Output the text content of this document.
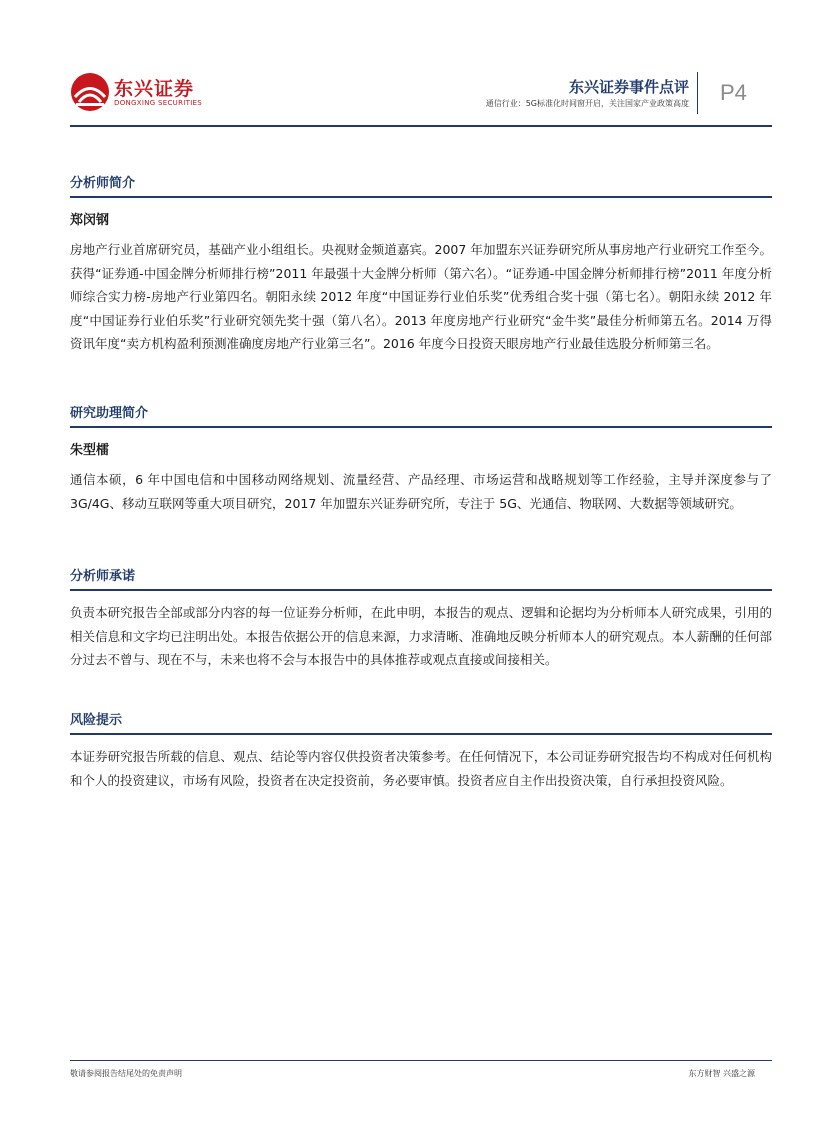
东兴证券
DONGXING SECURITIES
东兴证券事件点评
通信行业：5G标准化时间窗开启，关注国家产业政策高度 P4
分析师简介
郑闵钢
房地产行业首席研究员，基础产业小组组长。央视财金频道嘉宾。2007 年加盟东兴证券研究所从事房地产行业研究工作至今。获得“证券通-中国金牌分析师排行榜”2011 年最强十大金牌分析师（第六名）。“证券通-中国金牌分析师排行榜”2011 年度分析师综合实力榜-房地产行业第四名。朝阳永续 2012 年度“中国证券行业伯乐奖”优秀组合奖十强（第七名）。朝阳永续 2012 年度“中国证券行业伯乐奖”行业研究领先奖十强（第八名）。2013 年度房地产行业研究“金牛奖”最佳分析师第五名。2014 万得资讯年度“卖方机构盈利预测准确度房地产行业第三名”。2016 年度今日投资天眼房地产行业最佳选股分析师第三名。
研究助理简介
朱型檑
通信本硕，6 年中国电信和中国移动网络规划、流量经营、产品经理、市场运营和战略规划等工作经验，主导并深度参与了 3G/4G、移动互联网等重大项目研究，2017 年加盟东兴证券研究所，专注于 5G、光通信、物联网、大数据等领域研究。
分析师承诺
负责本研究报告全部或部分内容的每一位证券分析师，在此申明，本报告的观点、逻辑和论据均为分析师本人研究成果，引用的相关信息和文字均已注明出处。本报告依据公开的信息来源，力求清晰、准确地反映分析师本人的研究观点。本人薪酬的任何部分过去不曾与、现在不与，未来也将不会与本报告中的具体推荐或观点直接或间接相关。
风险提示
本证券研究报告所载的信息、观点、结论等内容仅供投资者决策参考。在任何情况下，本公司证券研究报告均不构成对任何机构和个人的投资建议，市场有风险，投资者在决定投资前，务必要审慎。投资者应自主作出投资决策，自行承担投资风险。
敬请参阅报告结尾处的免责声明	东方财智 兴盛之源
